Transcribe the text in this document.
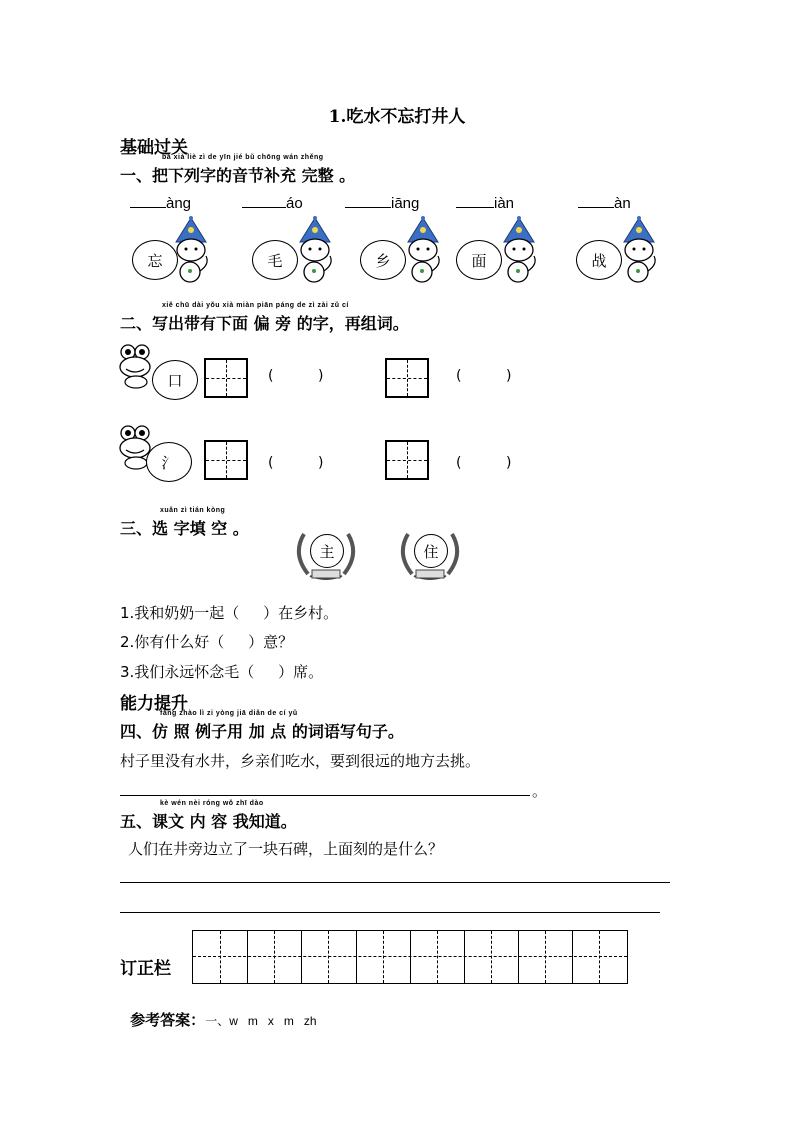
1.吃水不忘打井人
基础过关
bǎ xià liè zì de yīn jié bǔ chōng wán zhěng
一、把下列字的音节补充 完整 。
àng	áo	iāng	iàn	àn
忘	毛	乡	面	战
xiě chū dài yǒu xià miàn piān páng de zì zài zǔ cí
二、写出带有下面 偏 旁 的字，再组词。
口	(          )	(          )
氵	(          )	(          )
xuǎn zì tián kòng
三、选 字填 空 。
主	住
1.我和奶奶一起（     ）在乡村。
2.你有什么好（     ）意？
3.我们永远怀念毛（     ）席。
能力提升
fǎng zhào lì zi yòng jiā diǎn de cí yǔ
四、仿 照 例子用 加 点 的词语写句子。
村子里没有水井，乡亲们吃水，要到很远的地方去挑。
。
kè wén nèi róng wǒ zhī dào
五、课文 内 容 我知道。
人们在井旁边立了一块石碑，上面刻的是什么？
订正栏

参考答案：一、w   m   x   m   zh
